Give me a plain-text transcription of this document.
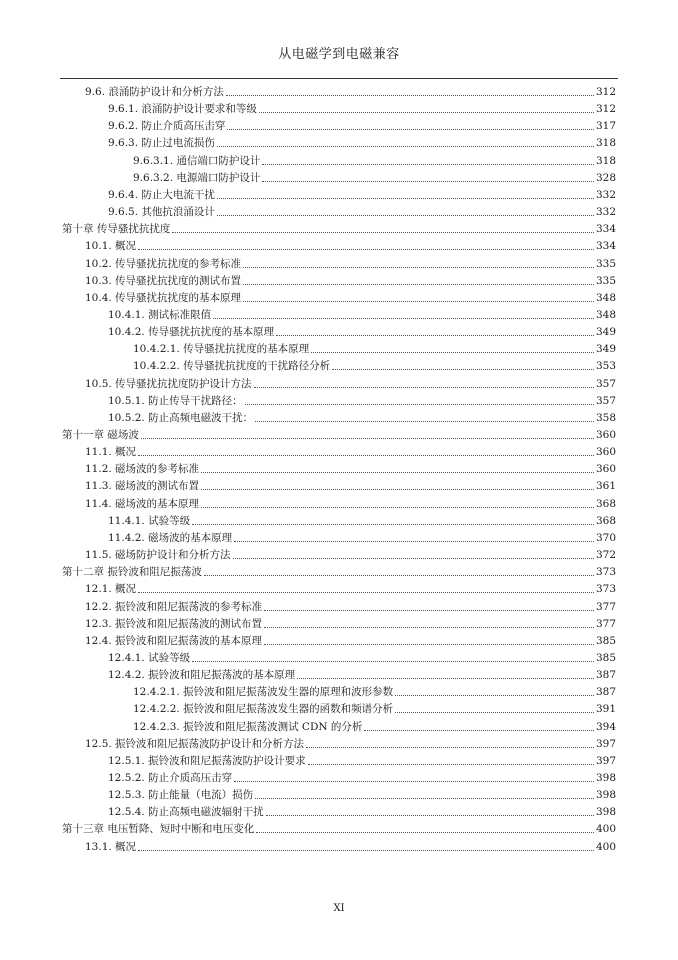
从电磁学到电磁兼容
9.6. 浪涌防护设计和分析方法	312
9.6.1. 浪涌防护设计要求和等级	312
9.6.2. 防止介质高压击穿	317
9.6.3. 防止过电流损伤	318
9.6.3.1. 通信端口防护设计	318
9.6.3.2. 电源端口防护设计	328
9.6.4. 防止大电流干扰	332
9.6.5. 其他抗浪涌设计	332
第十章 传导骚扰抗扰度	334
10.1. 概况	334
10.2. 传导骚扰抗扰度的参考标准	335
10.3. 传导骚扰抗扰度的测试布置	335
10.4. 传导骚扰抗扰度的基本原理	348
10.4.1. 测试标准限值	348
10.4.2. 传导骚扰抗扰度的基本原理	349
10.4.2.1. 传导骚扰抗扰度的基本原理	349
10.4.2.2. 传导骚扰抗扰度的干扰路径分析	353
10.5. 传导骚扰抗扰度防护设计方法	357
10.5.1. 防止传导干扰路径：	357
10.5.2. 防止高频电磁波干扰：	358
第十一章 磁场波	360
11.1. 概况	360
11.2. 磁场波的参考标准	360
11.3. 磁场波的测试布置	361
11.4. 磁场波的基本原理	368
11.4.1. 试验等级	368
11.4.2. 磁场波的基本原理	370
11.5. 磁场防护设计和分析方法	372
第十二章 振铃波和阻尼振荡波	373
12.1. 概况	373
12.2. 振铃波和阻尼振荡波的参考标准	377
12.3. 振铃波和阻尼振荡波的测试布置	377
12.4. 振铃波和阻尼振荡波的基本原理	385
12.4.1. 试验等级	385
12.4.2. 振铃波和阻尼振荡波的基本原理	387
12.4.2.1. 振铃波和阻尼振荡波发生器的原理和波形参数	387
12.4.2.2. 振铃波和阻尼振荡波发生器的函数和频谱分析	391
12.4.2.3. 振铃波和阻尼振荡波测试 CDN 的分析	394
12.5. 振铃波和阻尼振荡波防护设计和分析方法	397
12.5.1. 振铃波和阻尼振荡波防护设计要求	397
12.5.2. 防止介质高压击穿	398
12.5.3. 防止能量（电流）损伤	398
12.5.4. 防止高频电磁波辐射干扰	398
第十三章 电压暂降、短时中断和电压变化	400
13.1. 概况	400
XI
